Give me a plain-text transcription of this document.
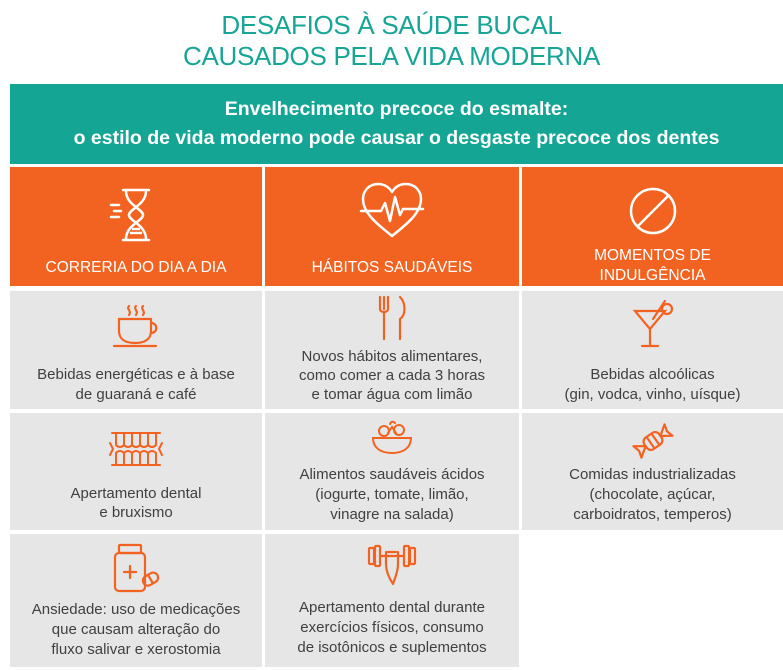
DESAFIOS À SAÚDE BUCAL
CAUSADOS PELA VIDA MODERNA
Envelhecimento precoce do esmalte:
o estilo de vida moderno pode causar o desgaste precoce dos dentes
CORRERIA DO DIA A DIA	HÁBITOS SAUDÁVEIS
MOMENTOS DE
INDULGÊNCIA
Bebidas energéticas e à base
de guaraná e café
Novos hábitos alimentares,
como comer a cada 3 horas
e tomar água com limão
Bebidas alcoólicas
(gin, vodca, vinho, uísque)
Apertamento dental
e bruxismo
Alimentos saudáveis ácidos
(iogurte, tomate, limão,
vinagre na salada)
Comidas industrializadas
(chocolate, açúcar,
carboidratos, temperos)
Ansiedade: uso de medicações
que causam alteração do
fluxo salivar e xerostomia
Apertamento dental durante
exercícios físicos, consumo
de isotônicos e suplementos
